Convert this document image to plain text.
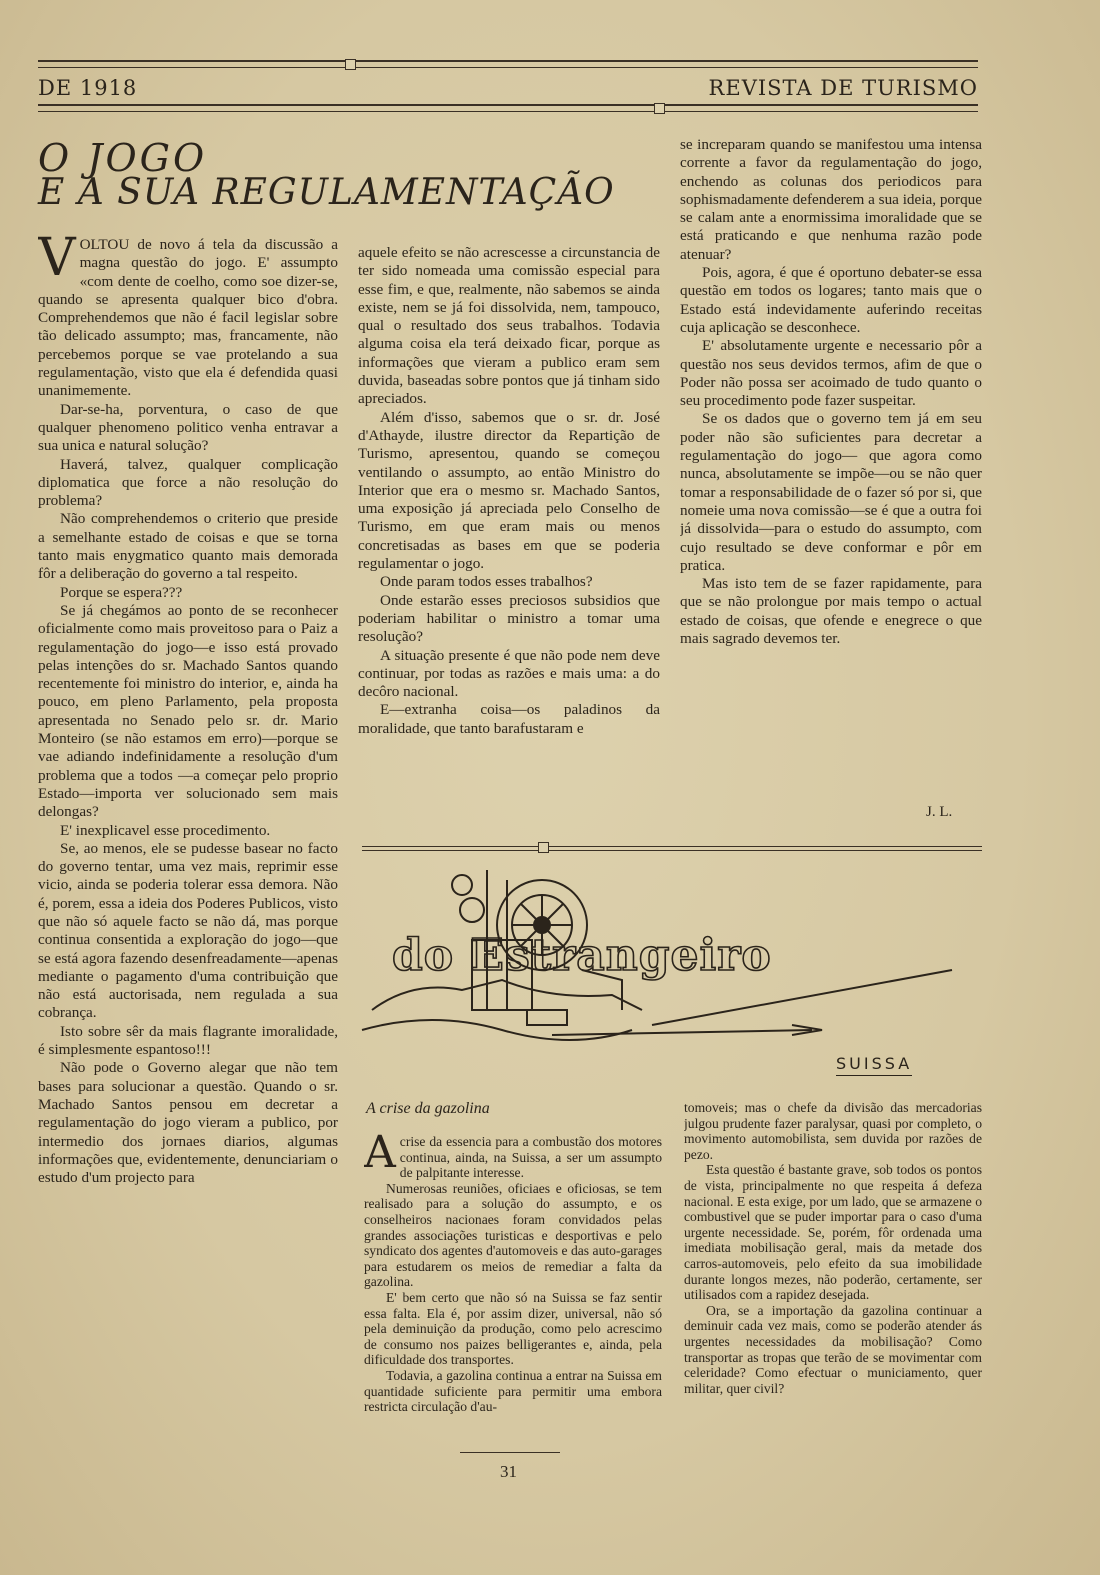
DE 1918	REVISTA DE TURISMO
O JOGO
E A SUA REGULAMENTAÇÃO

VOLTOU de novo á tela da discussão a magna questão do jogo. E' assumpto «com dente de coelho, como soe dizer-se, quando se apresenta qualquer bico d'obra. Comprehendemos que não é facil legislar sobre tão delicado assumpto; mas, francamente, não percebemos porque se vae protelando a sua regulamentação, visto que ela é defendida quasi unanimemente.

Dar-se-ha, porventura, o caso de que qualquer phenomeno politico venha entravar a sua unica e natural solução?

Haverá, talvez, qualquer complicação diplomatica que force a não resolução do problema?

Não comprehendemos o criterio que preside a semelhante estado de coisas e que se torna tanto mais enygmatico quanto mais demorada fôr a deliberação do governo a tal respeito.

Porque se espera???

Se já chegámos ao ponto de se reconhecer oficialmente como mais proveitoso para o Paiz a regulamentação do jogo—e isso está provado pelas intenções do sr. Machado Santos quando recentemente foi ministro do interior, e, ainda ha pouco, em pleno Parlamento, pela proposta apresentada no Senado pelo sr. dr. Mario Monteiro (se não estamos em erro)—porque se vae adiando indefinidamente a resolução d'um problema que a todos —a começar pelo proprio Estado—importa ver solucionado sem mais delongas?

E' inexplicavel esse procedimento.

Se, ao menos, ele se pudesse basear no facto do governo tentar, uma vez mais, reprimir esse vicio, ainda se poderia tolerar essa demora. Não é, porem, essa a ideia dos Poderes Publicos, visto que não só aquele facto se não dá, mas porque continua consentida a exploração do jogo—que se está agora fazendo desenfreadamente—apenas mediante o pagamento d'uma contribuição que não está auctorisada, nem regulada a sua cobrança.

Isto sobre sêr da mais flagrante imoralidade, é simplesmente espantoso!!!

Não pode o Governo alegar que não tem bases para solucionar a questão. Quando o sr. Machado Santos pensou em decretar a regulamentação do jogo vieram a publico, por intermedio dos jornaes diarios, algumas informações que, evidentemente, denunciariam o estudo d'um projecto para

aquele efeito se não acrescesse a circunstancia de ter sido nomeada uma comissão especial para esse fim, e que, realmente, não sabemos se ainda existe, nem se já foi dissolvida, nem, tampouco, qual o resultado dos seus trabalhos. Todavia alguma coisa ela terá deixado ficar, porque as informações que vieram a publico eram sem duvida, baseadas sobre pontos que já tinham sido apreciados.

Além d'isso, sabemos que o sr. dr. José d'Athayde, ilustre director da Repartição de Turismo, apresentou, quando se começou ventilando o assumpto, ao então Ministro do Interior que era o mesmo sr. Machado Santos, uma exposição já apreciada pelo Conselho de Turismo, em que eram mais ou menos concretisadas as bases em que se poderia regulamentar o jogo.

Onde param todos esses trabalhos?

Onde estarão esses preciosos subsidios que poderiam habilitar o ministro a tomar uma resolução?

A situação presente é que não pode nem deve continuar, por todas as razões e mais uma: a do decôro nacional.

E—extranha coisa—os paladinos da moralidade, que tanto barafustaram e

se increparam quando se manifestou uma intensa corrente a favor da regulamentação do jogo, enchendo as colunas dos periodicos para sophismadamente defenderem a sua ideia, porque se calam ante a enormissima imoralidade que se está praticando e que nenhuma razão pode atenuar?

Pois, agora, é que é oportuno debater-se essa questão em todos os logares; tanto mais que o Estado está indevidamente auferindo receitas cuja aplicação se desconhece.

E' absolutamente urgente e necessario pôr a questão nos seus devidos termos, afim de que o Poder não possa ser acoimado de tudo quanto o seu procedimento pode fazer suspeitar.

Se os dados que o governo tem já em seu poder não são suficientes para decretar a regulamentação do jogo— que agora como nunca, absolutamente se impõe—ou se não quer tomar a responsabilidade de o fazer só por si, que nomeie uma nova comissão—se é que a outra foi já dissolvida—para o estudo do assumpto, com cujo resultado se deve conformar e pôr em pratica.

Mas isto tem de se fazer rapidamente, para que se não prolongue por mais tempo o actual estado de coisas, que ofende e enegrece o que mais sagrado devemos ter.

J. L.
do Estrangeiro
SUISSA
A crise da gazolina

Acrise da essencia para a combustão dos motores continua, ainda, na Suissa, a ser um assumpto de palpitante interesse.

Numerosas reuniões, oficiaes e oficiosas, se tem realisado para a solução do assumpto, e os conselheiros nacionaes foram convidados pelas grandes associações turisticas e desportivas e pelo syndicato dos agentes d'automoveis e das auto-garages para estudarem os meios de remediar a falta da gazolina.

E' bem certo que não só na Suissa se faz sentir essa falta. Ela é, por assim dizer, universal, não só pela deminuição da produção, como pelo acrescimo de consumo nos paizes belligerantes e, ainda, pela dificuldade dos transportes.

Todavia, a gazolina continua a entrar na Suissa em quantidade suficiente para permitir uma embora restricta circulação d'au-

tomoveis; mas o chefe da divisão das mercadorias julgou prudente fazer paralysar, quasi por completo, o movimento automobilista, sem duvida por razões de pezo.

Esta questão é bastante grave, sob todos os pontos de vista, principalmente no que respeita á defeza nacional. E esta exige, por um lado, que se armazene o combustivel que se puder importar para o caso d'uma urgente necessidade. Se, porém, fôr ordenada uma imediata mobilisação geral, mais da metade dos carros-automoveis, pelo efeito da sua imobilidade durante longos mezes, não poderão, certamente, ser utilisados com a rapidez desejada.

Ora, se a importação da gazolina continuar a deminuir cada vez mais, como se poderão atender ás urgentes necessidades da mobilisação? Como transportar as tropas que terão de se movimentar com celeridade? Como efectuar o municiamento, quer militar, quer civil?

31
